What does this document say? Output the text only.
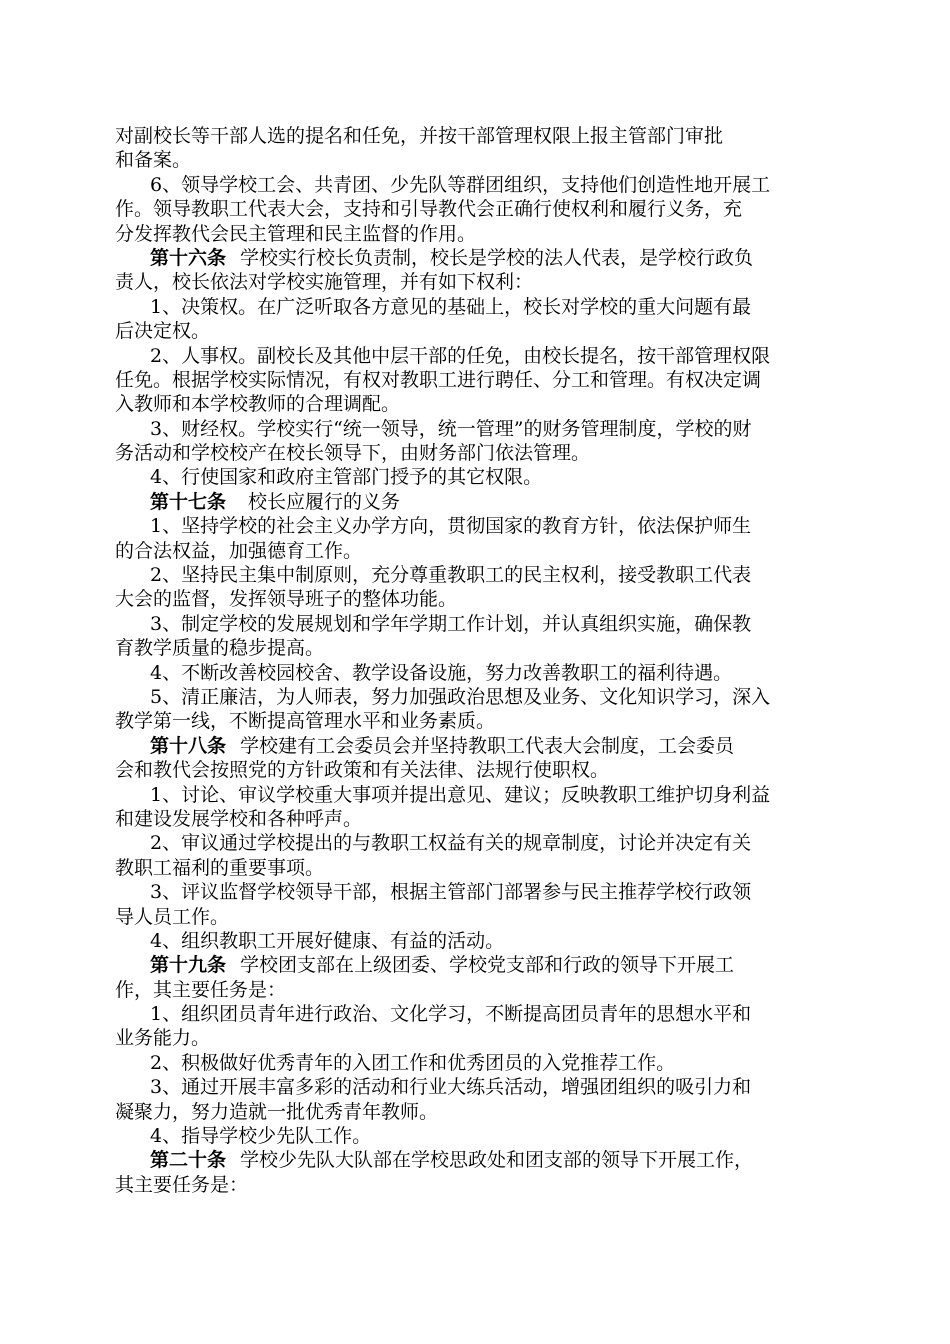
对副校长等干部人选的提名和任免，并按干部管理权限上报主管部门审批
和备案。
6、领导学校工会、共青团、少先队等群团组织，支持他们创造性地开展工
作。领导教职工代表大会，支持和引导教代会正确行使权利和履行义务，充
分发挥教代会民主管理和民主监督的作用。
第十六条 学校实行校长负责制，校长是学校的法人代表，是学校行政负
责人，校长依法对学校实施管理，并有如下权利：
1、决策权。在广泛听取各方意见的基础上，校长对学校的重大问题有最
后决定权。
2、人事权。副校长及其他中层干部的任免，由校长提名，按干部管理权限
任免。根据学校实际情况，有权对教职工进行聘任、分工和管理。有权决定调
入教师和本学校教师的合理调配。
3、财经权。学校实行“统一领导，统一管理”的财务管理制度，学校的财
务活动和学校校产在校长领导下，由财务部门依法管理。
4、行使国家和政府主管部门授予的其它权限。
第十七条 校长应履行的义务
1、坚持学校的社会主义办学方向，贯彻国家的教育方针，依法保护师生
的合法权益，加强德育工作。
2、坚持民主集中制原则，充分尊重教职工的民主权利，接受教职工代表
大会的监督，发挥领导班子的整体功能。
3、制定学校的发展规划和学年学期工作计划，并认真组织实施，确保教
育教学质量的稳步提高。
4、不断改善校园校舍、教学设备设施，努力改善教职工的福利待遇。
5、清正廉洁，为人师表，努力加强政治思想及业务、文化知识学习，深入
教学第一线，不断提高管理水平和业务素质。
第十八条 学校建有工会委员会并坚持教职工代表大会制度，工会委员
会和教代会按照党的方针政策和有关法律、法规行使职权。
1、讨论、审议学校重大事项并提出意见、建议；反映教职工维护切身利益
和建设发展学校和各种呼声。
2、审议通过学校提出的与教职工权益有关的规章制度，讨论并决定有关
教职工福利的重要事项。
3、评议监督学校领导干部，根据主管部门部署参与民主推荐学校行政领
导人员工作。
4、组织教职工开展好健康、有益的活动。
第十九条 学校团支部在上级团委、学校党支部和行政的领导下开展工
作，其主要任务是：
1、组织团员青年进行政治、文化学习，不断提高团员青年的思想水平和
业务能力。
2、积极做好优秀青年的入团工作和优秀团员的入党推荐工作。
3、通过开展丰富多彩的活动和行业大练兵活动，增强团组织的吸引力和
凝聚力，努力造就一批优秀青年教师。
4、指导学校少先队工作。
第二十条 学校少先队大队部在学校思政处和团支部的领导下开展工作，
其主要任务是：
